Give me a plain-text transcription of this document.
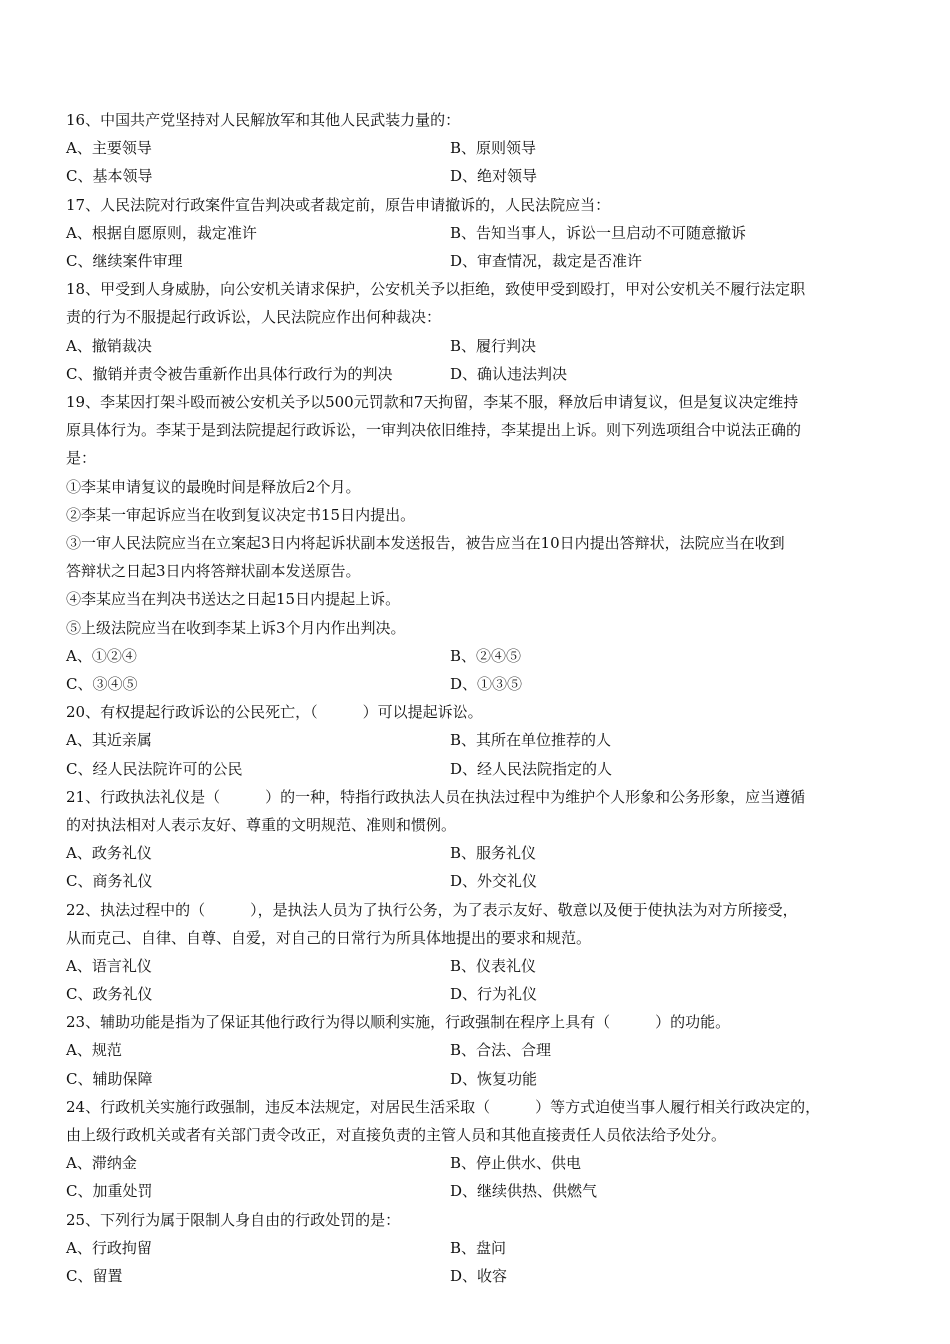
16、中国共产党坚持对人民解放军和其他人民武装力量的：
A、主要领导	B、原则领导
C、基本领导	D、绝对领导
17、人民法院对行政案件宣告判决或者裁定前，原告申请撤诉的，人民法院应当：
A、根据自愿原则，裁定准许	B、告知当事人，诉讼一旦启动不可随意撤诉
C、继续案件审理	D、审查情况，裁定是否准许
18、甲受到人身威胁，向公安机关请求保护，公安机关予以拒绝，致使甲受到殴打，甲对公安机关不履行法定职
责的行为不服提起行政诉讼，人民法院应作出何种裁决：
A、撤销裁决	B、履行判决
C、撤销并责令被告重新作出具体行政行为的判决	D、确认违法判决
19、李某因打架斗殴而被公安机关予以500元罚款和7天拘留，李某不服，释放后申请复议，但是复议决定维持
原具体行为。李某于是到法院提起行政诉讼，一审判决依旧维持，李某提出上诉。则下列选项组合中说法正确的
是：
①李某申请复议的最晚时间是释放后2个月。
②李某一审起诉应当在收到复议决定书15日内提出。
③一审人民法院应当在立案起3日内将起诉状副本发送报告，被告应当在10日内提出答辩状，法院应当在收到
答辩状之日起3日内将答辩状副本发送原告。
④李某应当在判决书送达之日起15日内提起上诉。
⑤上级法院应当在收到李某上诉3个月内作出判决。
A、①②④	B、②④⑤
C、③④⑤	D、①③⑤
20、有权提起行政诉讼的公民死亡，（　　　）可以提起诉讼。
A、其近亲属	B、其所在单位推荐的人
C、经人民法院许可的公民	D、经人民法院指定的人
21、行政执法礼仪是（　　　）的一种，特指行政执法人员在执法过程中为维护个人形象和公务形象，应当遵循
的对执法相对人表示友好、尊重的文明规范、准则和惯例。
A、政务礼仪	B、服务礼仪
C、商务礼仪	D、外交礼仪
22、执法过程中的（　　　），是执法人员为了执行公务，为了表示友好、敬意以及便于使执法为对方所接受，
从而克己、自律、自尊、自爱，对自己的日常行为所具体地提出的要求和规范。
A、语言礼仪	B、仪表礼仪
C、政务礼仪	D、行为礼仪
23、辅助功能是指为了保证其他行政行为得以顺利实施，行政强制在程序上具有（　　　）的功能。
A、规范	B、合法、合理
C、辅助保障	D、恢复功能
24、行政机关实施行政强制，违反本法规定，对居民生活采取（　　　）等方式迫使当事人履行相关行政决定的，
由上级行政机关或者有关部门责令改正，对直接负责的主管人员和其他直接责任人员依法给予处分。
A、滞纳金	B、停止供水、供电
C、加重处罚	D、继续供热、供燃气
25、下列行为属于限制人身自由的行政处罚的是：
A、行政拘留	B、盘问
C、留置	D、收容
